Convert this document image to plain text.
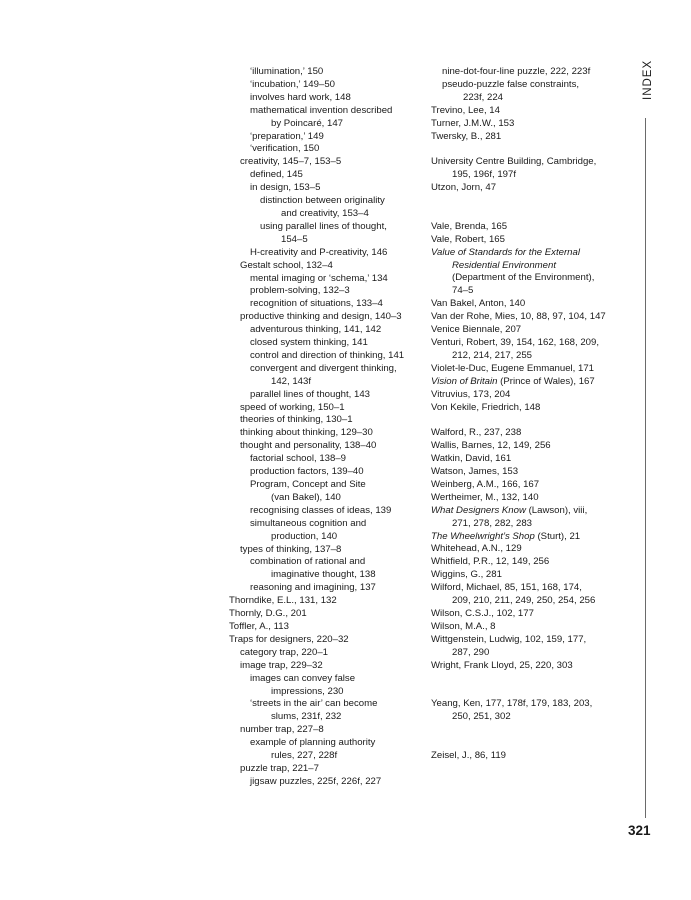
‘illumination,’ 150
‘incubation,’ 149–50
involves hard work, 148
mathematical invention described
by Poincaré, 147
‘preparation,’ 149
‘verification, 150
creativity, 145–7, 153–5
defined, 145
in design, 153–5
distinction between originality
and creativity, 153–4
using parallel lines of thought,
154–5
H-creativity and P-creativity, 146
Gestalt school, 132–4
mental imaging or ‘schema,’ 134
problem-solving, 132–3
recognition of situations, 133–4
productive thinking and design, 140–3
adventurous thinking, 141, 142
closed system thinking, 141
control and direction of thinking, 141
convergent and divergent thinking,
142, 143f
parallel lines of thought, 143
speed of working, 150–1
theories of thinking, 130–1
thinking about thinking, 129–30
thought and personality, 138–40
factorial school, 138–9
production factors, 139–40
Program, Concept and Site
(van Bakel), 140
recognising classes of ideas, 139
simultaneous cognition and
production, 140
types of thinking, 137–8
combination of rational and
imaginative thought, 138
reasoning and imagining, 137
Thorndike, E.L., 131, 132
Thornly, D.G., 201
Toffler, A., 113
Traps for designers, 220–32
category trap, 220–1
image trap, 229–32
images can convey false
impressions, 230
‘streets in the air’ can become
slums, 231f, 232
number trap, 227–8
example of planning authority
rules, 227, 228f
puzzle trap, 221–7
jigsaw puzzles, 225f, 226f, 227
nine-dot-four-line puzzle, 222, 223f
pseudo-puzzle false constraints,
223f, 224
Trevino, Lee, 14
Turner, J.M.W., 153
Twersky, B., 281
University Centre Building, Cambridge,
195, 196f, 197f
Utzon, Jorn, 47
Vale, Brenda, 165
Vale, Robert, 165
Value of Standards for the External
Residential Environment
(Department of the Environment),
74–5
Van Bakel, Anton, 140
Van der Rohe, Mies, 10, 88, 97, 104, 147
Venice Biennale, 207
Venturi, Robert, 39, 154, 162, 168, 209,
212, 214, 217, 255
Violet-le-Duc, Eugene Emmanuel, 171
Vision of Britain (Prince of Wales), 167
Vitruvius, 173, 204
Von Kekile, Friedrich, 148
Walford, R., 237, 238
Wallis, Barnes, 12, 149, 256
Watkin, David, 161
Watson, James, 153
Weinberg, A.M., 166, 167
Wertheimer, M., 132, 140
What Designers Know (Lawson), viii,
271, 278, 282, 283
The Wheelwright’s Shop (Sturt), 21
Whitehead, A.N., 129
Whitfield, P.R., 12, 149, 256
Wiggins, G., 281
Wilford, Michael, 85, 151, 168, 174,
209, 210, 211, 249, 250, 254, 256
Wilson, C.S.J., 102, 177
Wilson, M.A., 8
Wittgenstein, Ludwig, 102, 159, 177,
287, 290
Wright, Frank Lloyd, 25, 220, 303
Yeang, Ken, 177, 178f, 179, 183, 203,
250, 251, 302
Zeisel, J., 86, 119
INDEX
321
